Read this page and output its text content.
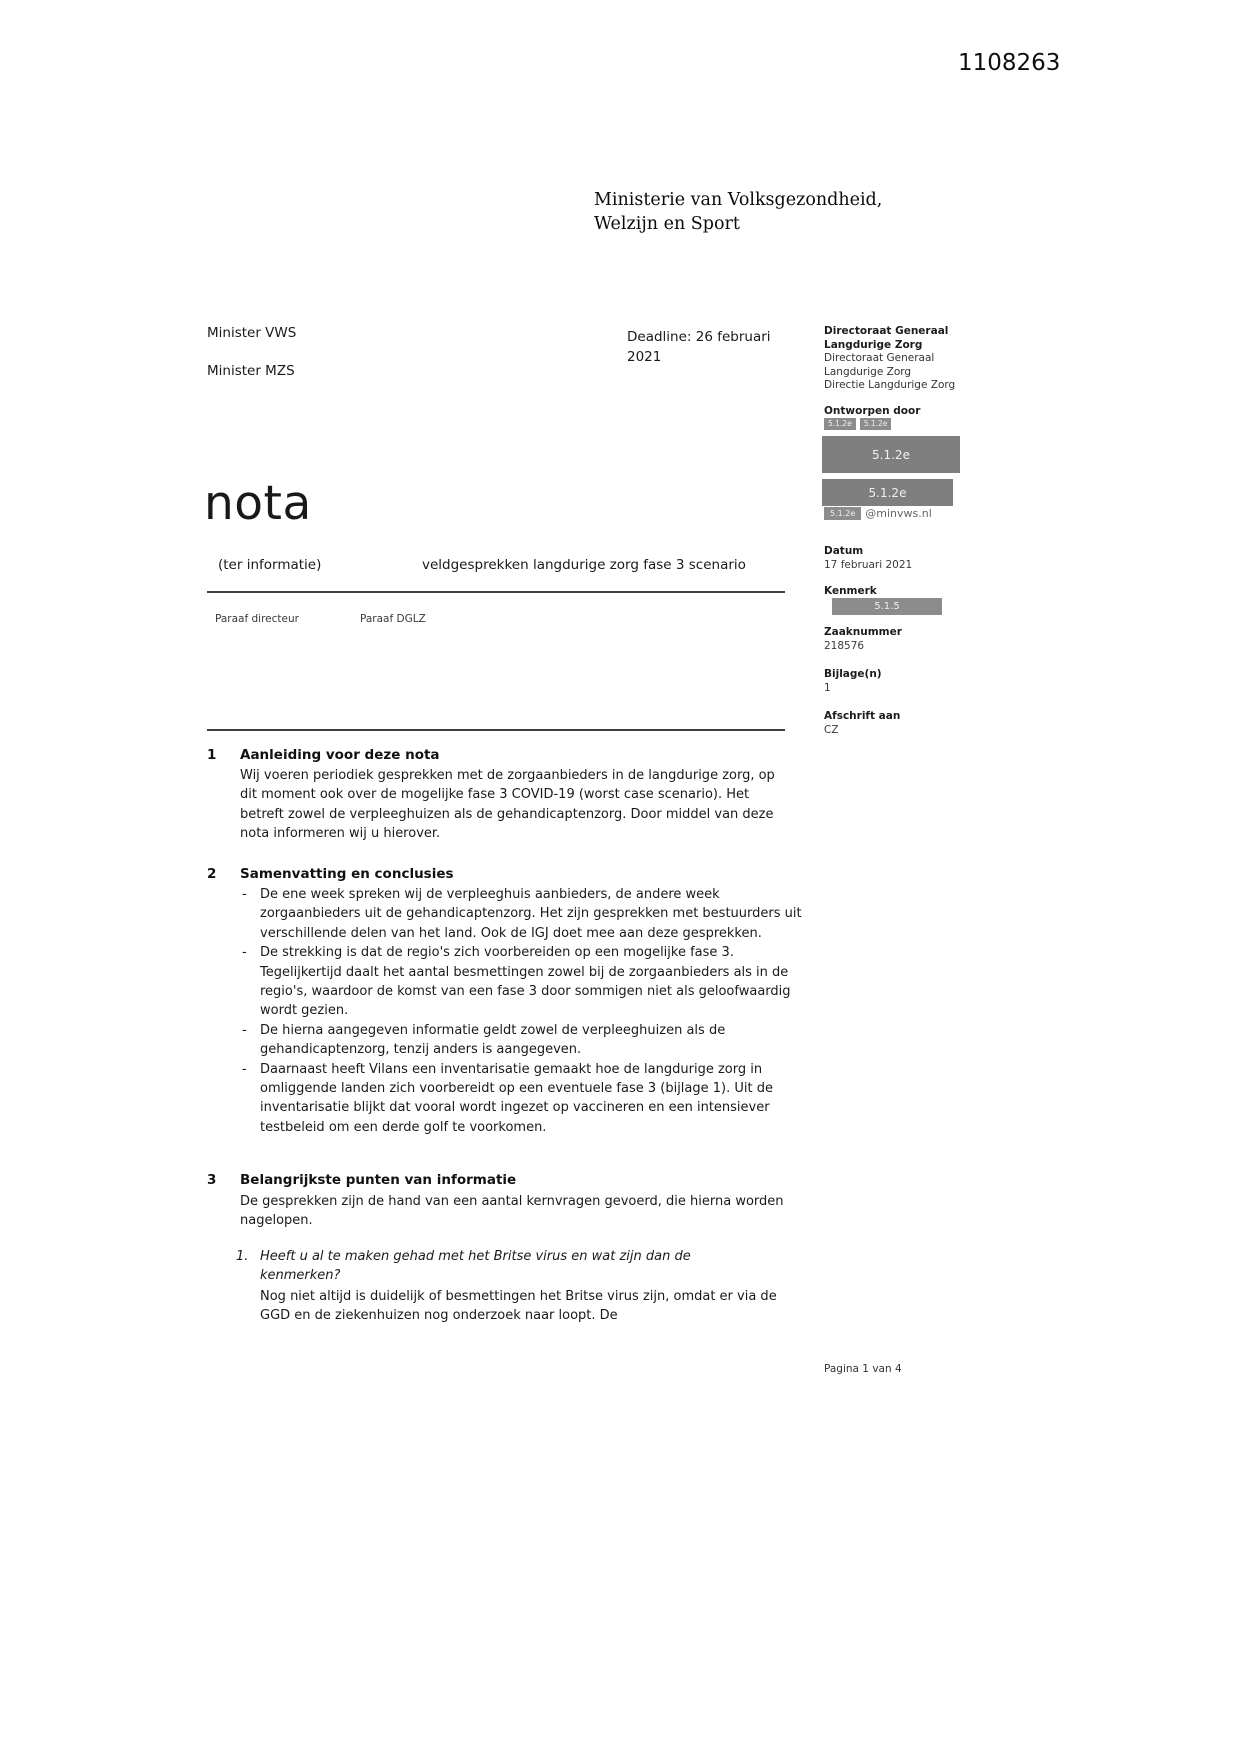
1108263
Ministerie van Volksgezondheid,
Welzijn en Sport
Minister VWS
Minister MZS
Deadline: 26 februari 2021
Directoraat Generaal
Langdurige Zorg
Directoraat Generaal
Langdurige Zorg
Directie Langdurige Zorg
Ontworpen door
5.1.2e	5.1.2e
5.1.2e
5.1.2e
5.1.2e @minvws.nl
Datum
17 februari 2021
Kenmerk
5.1.5
Zaaknummer
218576
Bijlage(n)
1
Afschrift aan
CZ
nota
(ter informatie)	veldgesprekken langdurige zorg fase 3 scenario
Paraaf directeur	Paraaf DGLZ
1 Aanleiding voor deze nota

Wij voeren periodiek gesprekken met de zorgaanbieders in de langdurige zorg, op dit moment ook over de mogelijke fase 3 COVID-19 (worst case scenario). Het betreft zowel de verpleeghuizen als de gehandicaptenzorg. Door middel van deze nota informeren wij u hierover.

2 Samenvatting en conclusies
- De ene week spreken wij de verpleeghuis aanbieders, de andere week zorgaanbieders uit de gehandicaptenzorg. Het zijn gesprekken met bestuurders uit verschillende delen van het land. Ook de IGJ doet mee aan deze gesprekken.
- De strekking is dat de regio's zich voorbereiden op een mogelijke fase 3. Tegelijkertijd daalt het aantal besmettingen zowel bij de zorgaanbieders als in de regio's, waardoor de komst van een fase 3 door sommigen niet als geloofwaardig wordt gezien.
- De hierna aangegeven informatie geldt zowel de verpleeghuizen als de gehandicaptenzorg, tenzij anders is aangegeven.
- Daarnaast heeft Vilans een inventarisatie gemaakt hoe de langdurige zorg in omliggende landen zich voorbereidt op een eventuele fase 3 (bijlage 1). Uit de inventarisatie blijkt dat vooral wordt ingezet op vaccineren en een intensiever testbeleid om een derde golf te voorkomen.
3 Belangrijkste punten van informatie

De gesprekken zijn de hand van een aantal kernvragen gevoerd, die hierna worden nagelopen.

1. Heeft u al te maken gehad met het Britse virus en wat zijn dan de kenmerken?

Nog niet altijd is duidelijk of besmettingen het Britse virus zijn, omdat er via de GGD en de ziekenhuizen nog onderzoek naar loopt. De

Pagina 1 van 4
